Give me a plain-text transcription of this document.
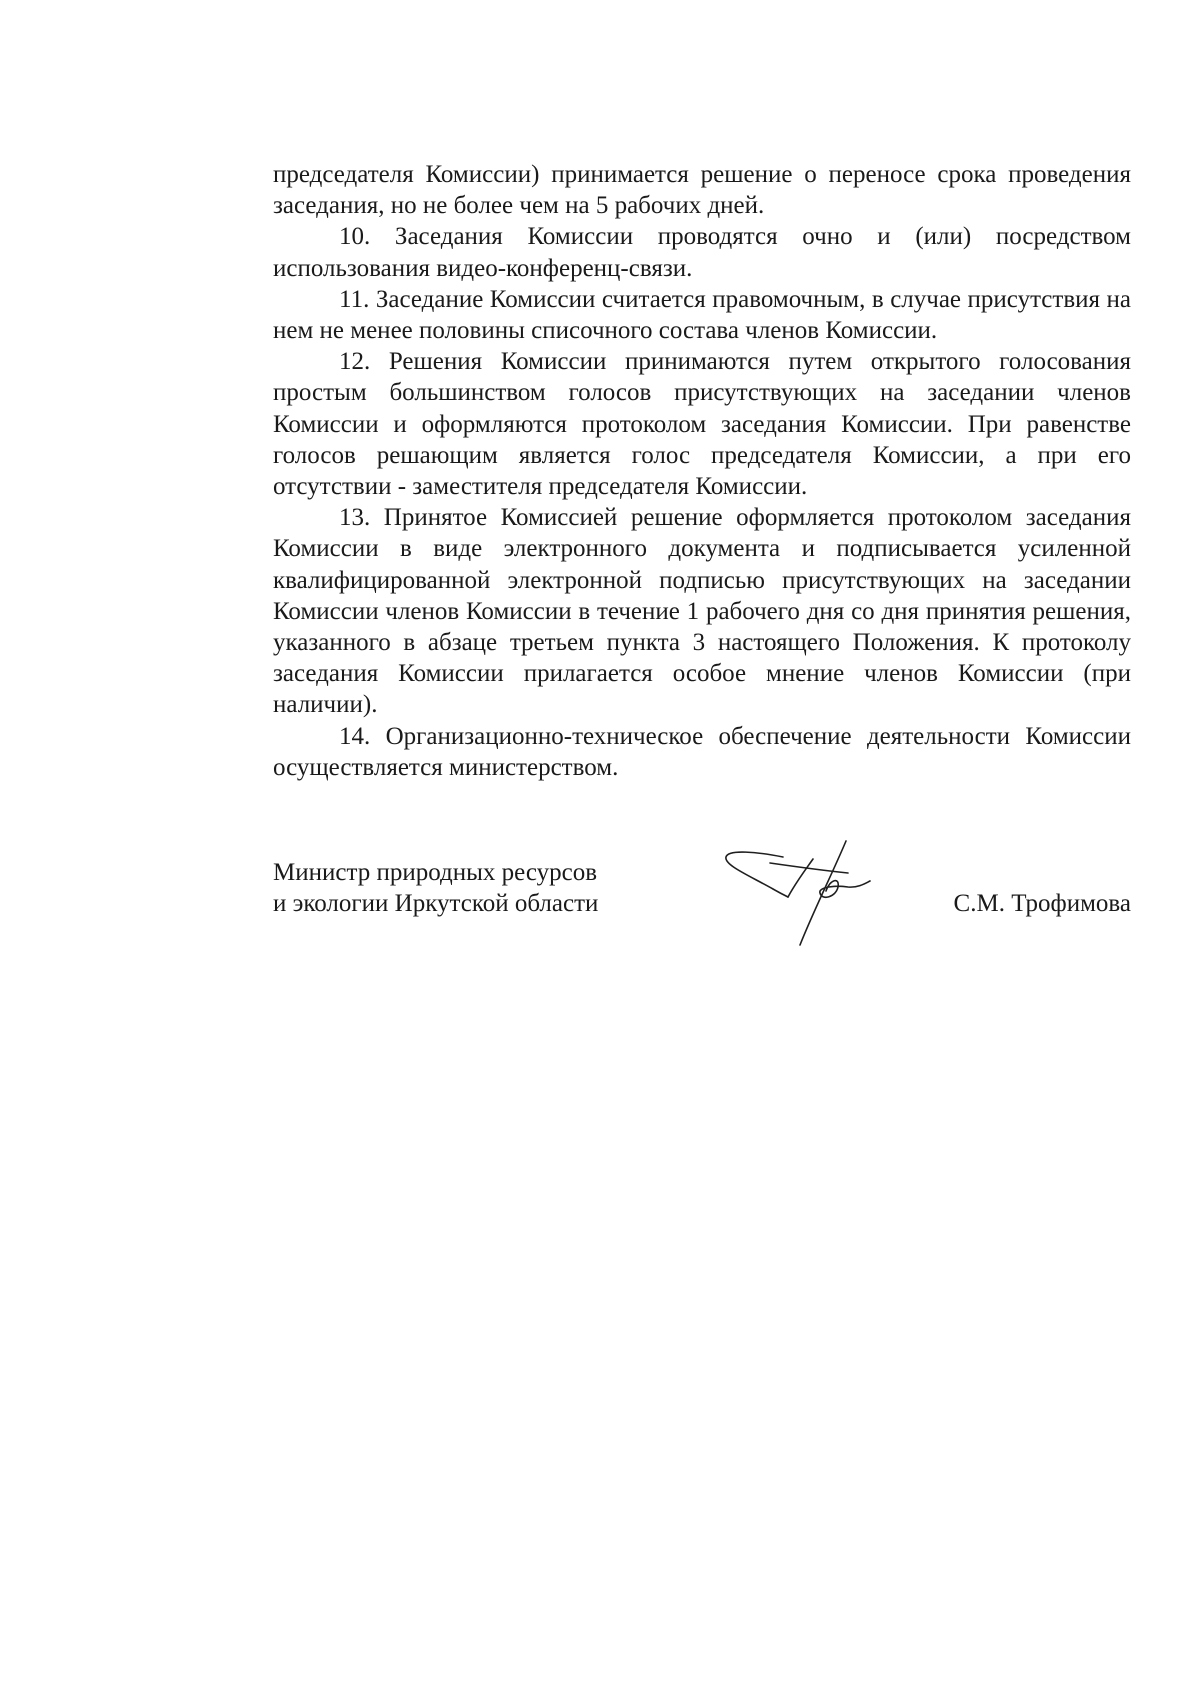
председателя Комиссии) принимается решение о переносе срока проведения заседания, но не более чем на 5 рабочих дней.

10. Заседания Комиссии проводятся очно и (или) посредством использования видео-конференц-связи.

11. Заседание Комиссии считается правомочным, в случае присутствия на нем не менее половины списочного состава членов Комиссии.

12. Решения Комиссии принимаются путем открытого голосования простым большинством голосов присутствующих на заседании членов Комиссии и оформляются протоколом заседания Комиссии. При равенстве голосов решающим является голос председателя Комиссии, а при его отсутствии - заместителя председателя Комиссии.

13. Принятое Комиссией решение оформляется протоколом заседания Комиссии в виде электронного документа и подписывается усиленной квалифицированной электронной подписью присутствующих на заседании Комиссии членов Комиссии в течение 1 рабочего дня со дня принятия решения, указанного в абзаце третьем пункта 3 настоящего Положения. К протоколу заседания Комиссии прилагается особое мнение членов Комиссии (при наличии).

14. Организационно-техническое обеспечение деятельности Комиссии осуществляется министерством.

Министр природных ресурсов
и экологии Иркутской области	С.М. Трофимова
